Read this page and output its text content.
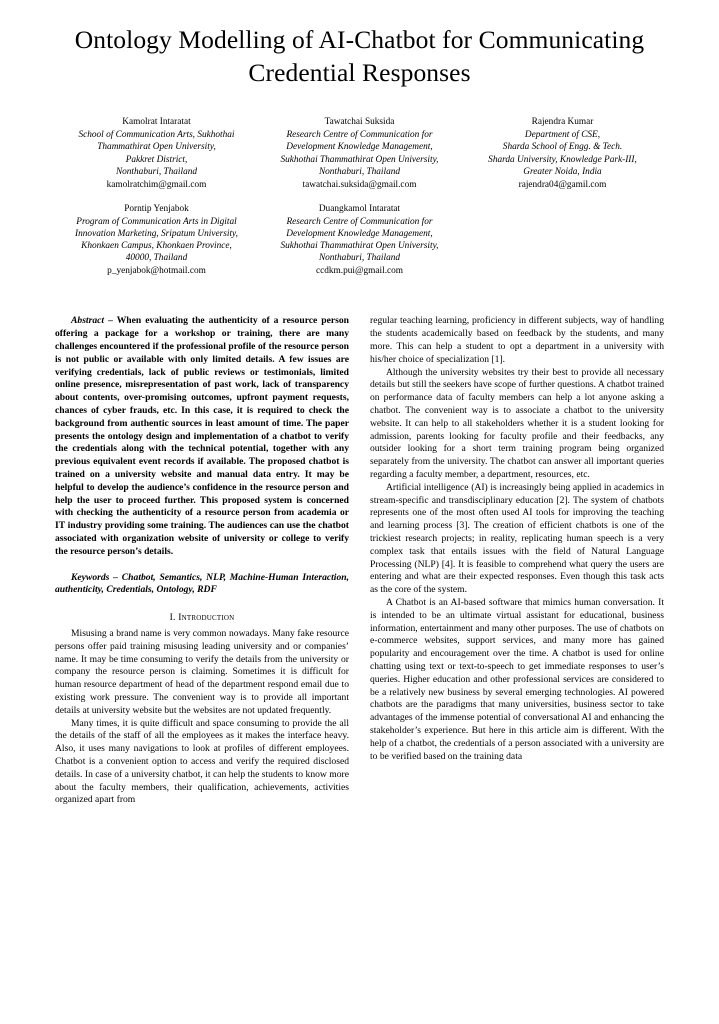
Ontology Modelling of AI-Chatbot for Communicating Credential Responses
Kamolrat Intaratat
School of Communication Arts, Sukhothai
Thammathirat Open University,
Pakkret District,
Nonthaburi, Thailand
kamolratchim@gmail.com
Tawatchai Suksida
Research Centre of Communication for
Development Knowledge Management,
Sukhothai Thammathirat Open University,
Nonthaburi, Thailand
tawatchai.suksida@gmail.com
Rajendra Kumar
Department of CSE,
Sharda School of Engg. & Tech.
Sharda University, Knowledge Park-III,
Greater Noida, India
rajendra04@gamil.com
Porntip Yenjabok
Program of Communication Arts in Digital
Innovation Marketing, Sripatum University,
Khonkaen Campus, Khonkaen Province,
40000, Thailand
p_yenjabok@hotmail.com
Duangkamol Intaratat
Research Centre of Communication for
Development Knowledge Management,
Sukhothai Thammathirat Open University,
Nonthaburi, Thailand
ccdkm.pui@gmail.com

Abstract – When evaluating the authenticity of a resource person offering a package for a workshop or training, there are many challenges encountered if the professional profile of the resource person is not public or available with only limited details. A few issues are verifying credentials, lack of public reviews or testimonials, limited online presence, misrepresentation of past work, lack of transparency about contents, over-promising outcomes, upfront payment requests, chances of cyber frauds, etc. In this case, it is required to check the background from authentic sources in least amount of time. The paper presents the ontology design and implementation of a chatbot to verify the credentials along with the technical potential, together with any previous equivalent event records if available. The proposed chatbot is trained on a university website and manual data entry. It may be helpful to develop the audience’s confidence in the resource person and help the user to proceed further. This proposed system is concerned with checking the authenticity of a resource person from academia or IT industry providing some training. The audiences can use the chatbot associated with organization website of university or college to verify the resource person’s details.

Keywords – Chatbot, Semantics, NLP, Machine-Human Interaction, authenticity, Credentials, Ontology, RDF

I. Introduction

Misusing a brand name is very common nowadays. Many fake resource persons offer paid training misusing leading university and or companies’ name. It may be time consuming to verify the details from the university or company the resource person is claiming. Sometimes it is difficult for human resource department of head of the department respond email due to existing work pressure. The convenient way is to provide all important details at university website but the websites are not updated frequently.

Many times, it is quite difficult and space consuming to provide the all the details of the staff of all the employees as it makes the interface heavy. Also, it uses many navigations to look at profiles of different employees. Chatbot is a convenient option to access and verify the required disclosed details. In case of a university chatbot, it can help the students to know more about the faculty members, their qualification, achievements, activities organized apart from

regular teaching learning, proficiency in different subjects, way of handling the students academically based on feedback by the students, and many more. This can help a student to opt a department in a university with his/her choice of specialization [1].

Although the university websites try their best to provide all necessary details but still the seekers have scope of further questions. A chatbot trained on performance data of faculty members can help a lot anyone asking a chatbot. The convenient way is to associate a chatbot to the university website. It can help to all stakeholders whether it is a student looking for admission, parents looking for faculty profile and their feedbacks, any outsider looking for a short term training program being organized separately from the university. The chatbot can answer all important queries regarding a faculty member, a department, resources, etc.

Artificial intelligence (AI) is increasingly being applied in academics in stream-specific and transdisciplinary education [2]. The system of chatbots represents one of the most often used AI tools for improving the teaching and learning process [3]. The creation of efficient chatbots is one of the trickiest research projects; in reality, replicating human speech is a very complex task that entails issues with the field of Natural Language Processing (NLP) [4]. It is feasible to comprehend what query the users are entering and what are their expected responses. Even though this task acts as the core of the system.

A Chatbot is an AI-based software that mimics human conversation. It is intended to be an ultimate virtual assistant for educational, business information, entertainment and many other purposes. The use of chatbots on e-commerce websites, support services, and many more has gained popularity and encouragement over the time. A chatbot is used for online chatting using text or text-to-speech to get immediate responses to user’s queries. Higher education and other professional services are considered to be a relatively new business by several emerging technologies. AI powered chatbots are the paradigms that many universities, business sector to take advantages of the immense potential of conversational AI and enhancing the stakeholder’s experience. But here in this article aim is different. With the help of a chatbot, the credentials of a person associated with a university are to be verified based on the training data
